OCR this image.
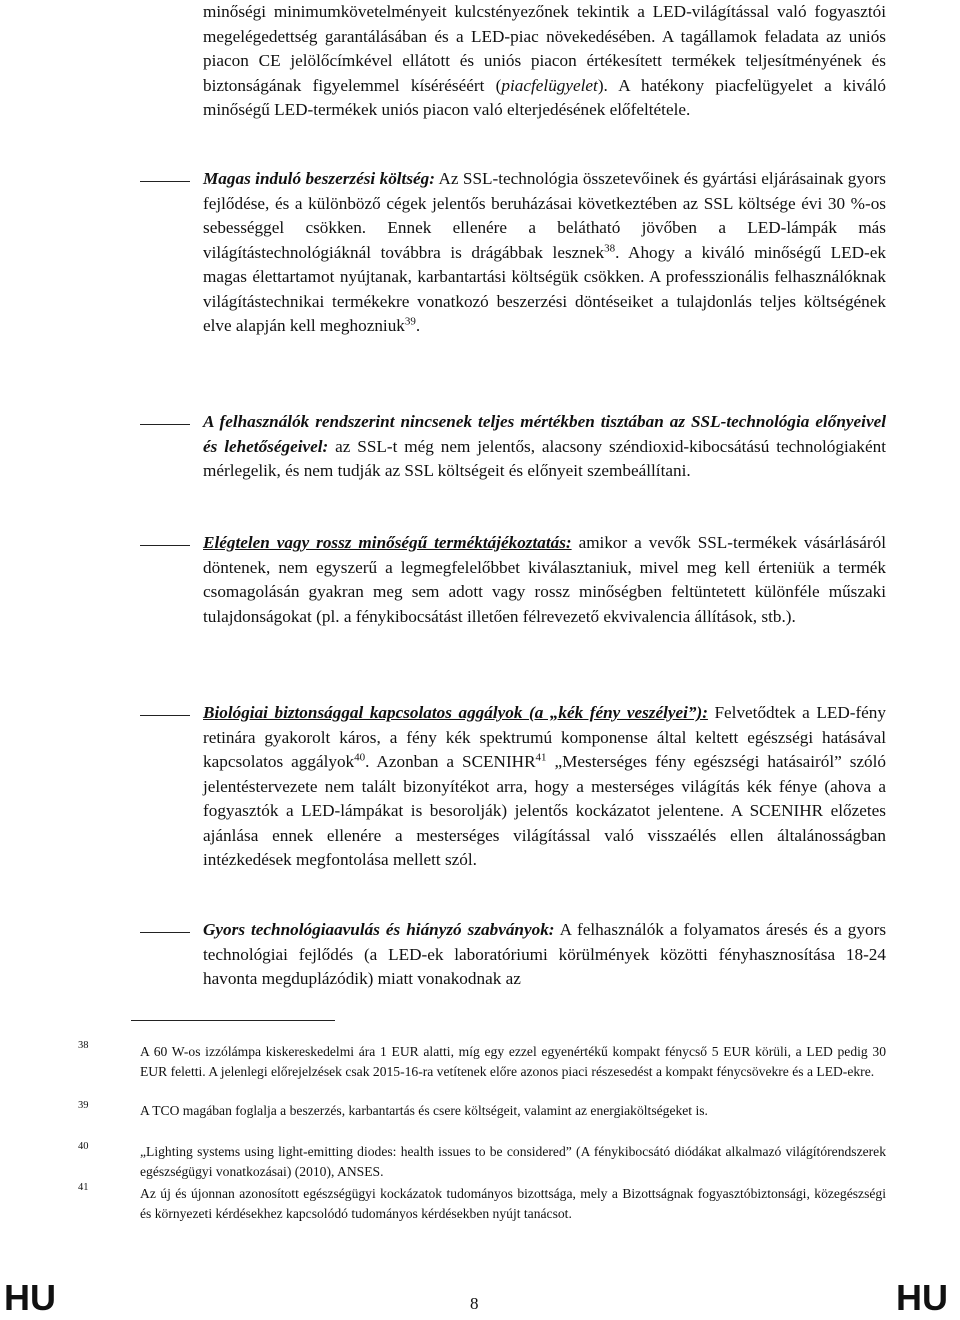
minőségi minimumkövetelményeit kulcstényezőnek tekintik a LED-világítással való fogyasztói megelégedettség garantálásában és a LED-piac növekedésében. A tagállamok feladata az uniós piacon CE jelölőcímkével ellátott és uniós piacon értékesített termékek teljesítményének és biztonságának figyelemmel kíséréséért (piacfelügyelet). A hatékony piacfelügyelet a kiváló minőségű LED-termékek uniós piacon való elterjedésének előfeltétele.

Magas induló beszerzési költség: Az SSL-technológia összetevőinek és gyártási eljárásainak gyors fejlődése, és a különböző cégek jelentős beruházásai következtében az SSL költsége évi 30 %-os sebességgel csökken. Ennek ellenére a belátható jövőben a LED-lámpák más világítástechnológiáknál továbbra is drágábbak lesznek$^{38}$. Ahogy a kiváló minőségű LED-ek magas élettartamot nyújtanak, karbantartási költségük csökken. A professzionális felhasználóknak világítástechnikai termékekre vonatkozó beszerzési döntéseiket a tulajdonlás teljes költségének elve alapján kell meghozniuk$^{39}$.

A felhasználók rendszerint nincsenek teljes mértékben tisztában az SSL-technológia előnyeivel és lehetőségeivel: az SSL-t még nem jelentős, alacsony széndioxid-kibocsátású technológiaként mérlegelik, és nem tudják az SSL költségeit és előnyeit szembeállítani.

Elégtelen vagy rossz minőségű terméktájékoztatás: amikor a vevők SSL-termékek vásárlásáról döntenek, nem egyszerű a legmegfelelőbbet kiválasztaniuk, mivel meg kell érteniük a termék csomagolásán gyakran meg sem adott vagy rossz minőségben feltüntetett különféle műszaki tulajdonságokat (pl. a fénykibocsátást illetően félrevezető ekvivalencia állítások, stb.).

Biológiai biztonsággal kapcsolatos aggályok (a „kék fény veszélyei”): Felvetődtek a LED-fény retinára gyakorolt káros, a fény kék spektrumú komponense által keltett egészségi hatásával kapcsolatos aggályok$^{40}$. Azonban a SCENIHR$^{41}$ „Mesterséges fény egészségi hatásairól” szóló jelentéstervezete nem talált bizonyítékot arra, hogy a mesterséges világítás kék fénye (ahova a fogyasztók a LED-lámpákat is besorolják) jelentős kockázatot jelentene. A SCENIHR előzetes ajánlása ennek ellenére a mesterséges világítással való visszaélés ellen általánosságban intézkedések megfontolása mellett szól.

Gyors technológiaavulás és hiányzó szabványok: A felhasználók a folyamatos áresés és a gyors technológiai fejlődés (a LED-ek laboratóriumi körülmények közötti fényhasznosítása 18-24 havonta megduplázódik) miatt vonakodnak az

38	A 60 W-os izzólámpa kiskereskedelmi ára 1 EUR alatti, míg egy ezzel egyenértékű kompakt fénycső 5 EUR körüli, a LED pedig 30 EUR feletti. A jelenlegi előrejelzések csak 2015-16-ra vetítenek előre azonos piaci részesedést a kompakt fénycsövekre és a LED-ekre.

39	A TCO magában foglalja a beszerzés, karbantartás és csere költségeit, valamint az energiaköltségeket is.

40	„Lighting systems using light-emitting diodes: health issues to be considered” (A fénykibocsátó diódákat alkalmazó világítórendszerek egészségügyi vonatkozásai) (2010), ANSES.

41	Az új és újonnan azonosított egészségügyi kockázatok tudományos bizottsága, mely a Bizottságnak fogyasztóbiztonsági, közegészségi és környezeti kérdésekhez kapcsolódó tudományos kérdésekben nyújt tanácsot.

HU	8	HU
